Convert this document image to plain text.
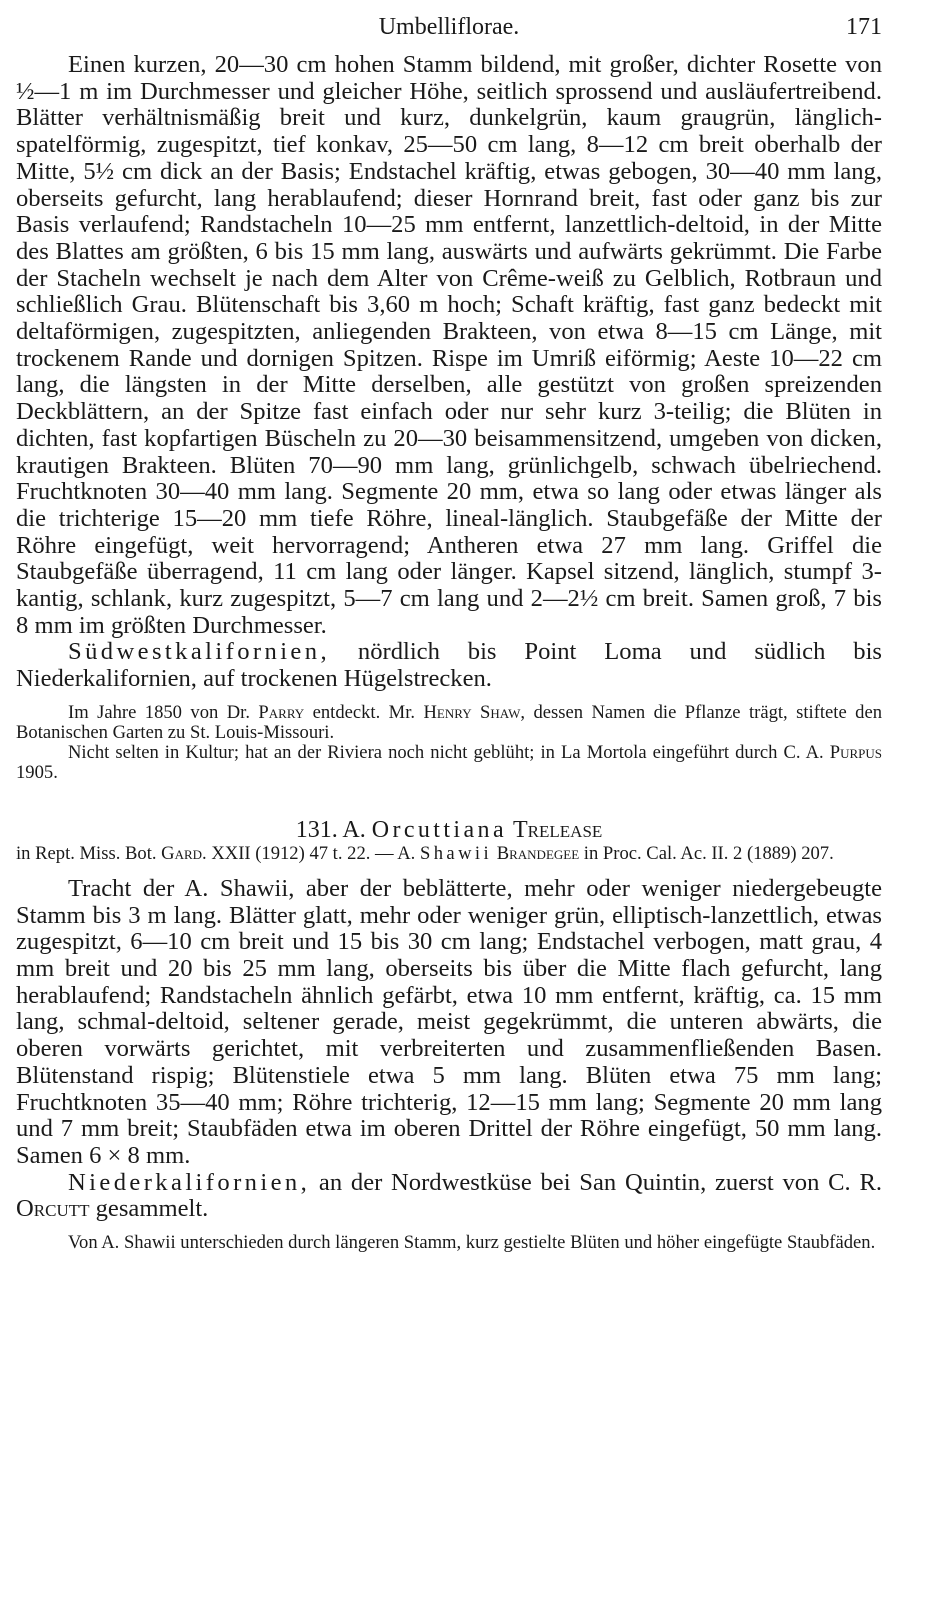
Umbelliflorae.	171

Einen kurzen, 20—30 cm hohen Stamm bildend, mit großer, dichter Rosette von ½—1 m im Durchmesser und gleicher Höhe, seitlich sprossend und ausläufertreibend. Blätter verhältnismäßig breit und kurz, dunkelgrün, kaum graugrün, länglich-spatelförmig, zugespitzt, tief konkav, 25—50 cm lang, 8—12 cm breit oberhalb der Mitte, 5½ cm dick an der Basis; Endstachel kräftig, etwas gebogen, 30—40 mm lang, oberseits gefurcht, lang herablaufend; dieser Hornrand breit, fast oder ganz bis zur Basis verlaufend; Randstacheln 10—25 mm entfernt, lanzettlich-deltoid, in der Mitte des Blattes am größten, 6 bis 15 mm lang, auswärts und aufwärts gekrümmt. Die Farbe der Stacheln wechselt je nach dem Alter von Crême-weiß zu Gelblich, Rotbraun und schließlich Grau. Blütenschaft bis 3,60 m hoch; Schaft kräftig, fast ganz bedeckt mit deltaförmigen, zugespitzten, anliegenden Brakteen, von etwa 8—15 cm Länge, mit trockenem Rande und dornigen Spitzen. Rispe im Umriß eiförmig; Aeste 10—22 cm lang, die längsten in der Mitte derselben, alle gestützt von großen spreizenden Deckblättern, an der Spitze fast einfach oder nur sehr kurz 3-teilig; die Blüten in dichten, fast kopfartigen Büscheln zu 20—30 beisammensitzend, umgeben von dicken, krautigen Brakteen. Blüten 70—90 mm lang, grünlichgelb, schwach übelriechend. Fruchtknoten 30—40 mm lang. Segmente 20 mm, etwa so lang oder etwas länger als die trichterige 15—20 mm tiefe Röhre, lineal-länglich. Staubgefäße der Mitte der Röhre eingefügt, weit hervorragend; Antheren etwa 27 mm lang. Griffel die Staubgefäße überragend, 11 cm lang oder länger. Kapsel sitzend, länglich, stumpf 3-kantig, schlank, kurz zugespitzt, 5—7 cm lang und 2—2½ cm breit. Samen groß, 7 bis 8 mm im größten Durchmesser.

Südwestkalifornien, nördlich bis Point Loma und südlich bis Niederkalifornien, auf trockenen Hügelstrecken.

Im Jahre 1850 von Dr. Parry entdeckt. Mr. Henry Shaw, dessen Namen die Pflanze trägt, stiftete den Botanischen Garten zu St. Louis-Missouri.

Nicht selten in Kultur; hat an der Riviera noch nicht geblüht; in La Mortola eingeführt durch C. A. Purpus 1905.

131. A. Orcuttiana Trelease

in Rept. Miss. Bot. Gard. XXII (1912) 47 t. 22. — A. Shawii Brandegee in Proc. Cal. Ac. II. 2 (1889) 207.

Tracht der A. Shawii, aber der beblätterte, mehr oder weniger niedergebeugte Stamm bis 3 m lang. Blätter glatt, mehr oder weniger grün, elliptisch-lanzettlich, etwas zugespitzt, 6—10 cm breit und 15 bis 30 cm lang; Endstachel verbogen, matt grau, 4 mm breit und 20 bis 25 mm lang, oberseits bis über die Mitte flach gefurcht, lang herablaufend; Randstacheln ähnlich gefärbt, etwa 10 mm entfernt, kräftig, ca. 15 mm lang, schmal-deltoid, seltener gerade, meist gegekrümmt, die unteren abwärts, die oberen vorwärts gerichtet, mit verbreiterten und zusammenfließenden Basen. Blütenstand rispig; Blütenstiele etwa 5 mm lang. Blüten etwa 75 mm lang; Fruchtknoten 35—40 mm; Röhre trichterig, 12—15 mm lang; Segmente 20 mm lang und 7 mm breit; Staubfäden etwa im oberen Drittel der Röhre eingefügt, 50 mm lang. Samen 6 × 8 mm.

Niederkalifornien, an der Nordwestküse bei San Quintin, zuerst von C. R. Orcutt gesammelt.

Von A. Shawii unterschieden durch längeren Stamm, kurz gestielte Blüten und höher eingefügte Staubfäden.
